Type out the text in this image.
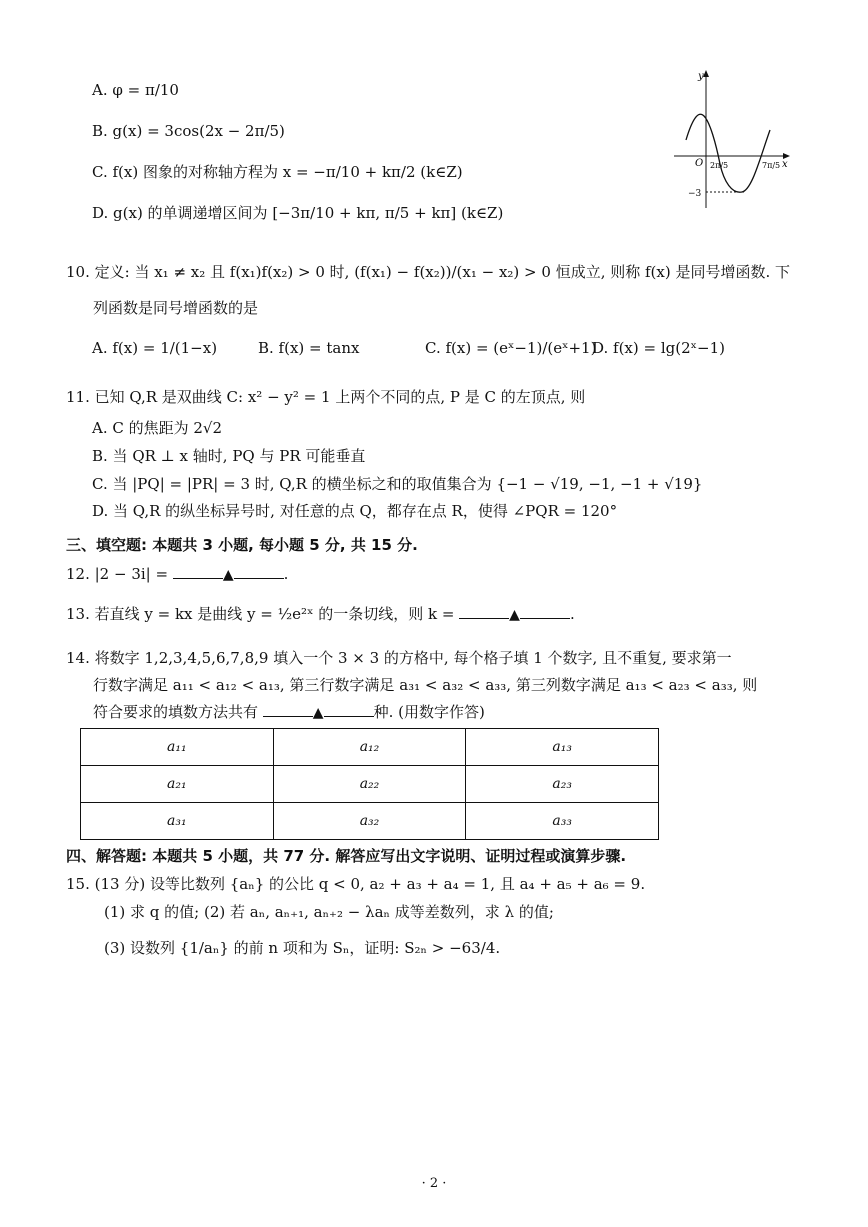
A. φ = π/10
B. g(x) = 3cos(2x − 2π/5)
C. f(x) 图象的对称轴方程为 x = −π/10 + kπ/2 (k∈Z)
D. g(x) 的单调递增区间为 [−3π/10 + kπ, π/5 + kπ] (k∈Z)
y
x
O 2π/5	7π/5
−3
10. 定义: 当 x₁ ≠ x₂ 且 f(x₁)f(x₂) > 0 时, (f(x₁) − f(x₂))/(x₁ − x₂) > 0 恒成立, 则称 f(x) 是同号增函数. 下
列函数是同号增函数的是
A. f(x) = 1/(1−x)	B. f(x) = tanx	C. f(x) = (eˣ−1)/(eˣ+1)
D. f(x) = lg(2ˣ−1)
11. 已知 Q,R 是双曲线 C: x² − y² = 1 上两个不同的点, P 是 C 的左顶点, 则
A. C 的焦距为 2√2
B. 当 QR ⊥ x 轴时, PQ 与 PR 可能垂直
C. 当 |PQ| = |PR| = 3 时, Q,R 的横坐标之和的取值集合为 {−1 − √19, −1, −1 + √19}
D. 当 Q,R 的纵坐标异号时, 对任意的点 Q，都存在点 R，使得 ∠PQR = 120°
三、填空题: 本题共 3 小题, 每小题 5 分, 共 15 分.
12. |2 − 3i| =	▲	.
13. 若直线 y = kx 是曲线 y = ½e²ˣ 的一条切线，则 k =	▲	.
14. 将数字 1,2,3,4,5,6,7,8,9 填入一个 3 × 3 的方格中, 每个格子填 1 个数字, 且不重复, 要求第一
行数字满足 a₁₁ < a₁₂ < a₁₃, 第三行数字满足 a₃₁ < a₃₂ < a₃₃, 第三列数字满足 a₁₃ < a₂₃ < a₃₃, 则
符合要求的填数方法共有	▲	种. (用数字作答)
a₁₁	a₁₂	a₁₃
a₂₁	a₂₂	a₂₃
a₃₁	a₃₂	a₃₃
四、解答题: 本题共 5 小题，共 77 分. 解答应写出文字说明、证明过程或演算步骤.
15. (13 分) 设等比数列 {aₙ} 的公比 q < 0, a₂ + a₃ + a₄ = 1, 且 a₄ + a₅ + a₆ = 9.
(1) 求 q 的值; (2) 若 aₙ, aₙ₊₁, aₙ₊₂ − λaₙ 成等差数列，求 λ 的值;
(3) 设数列 {1/aₙ} 的前 n 项和为 Sₙ，证明: S₂ₙ > −63/4.
· 2 ·
